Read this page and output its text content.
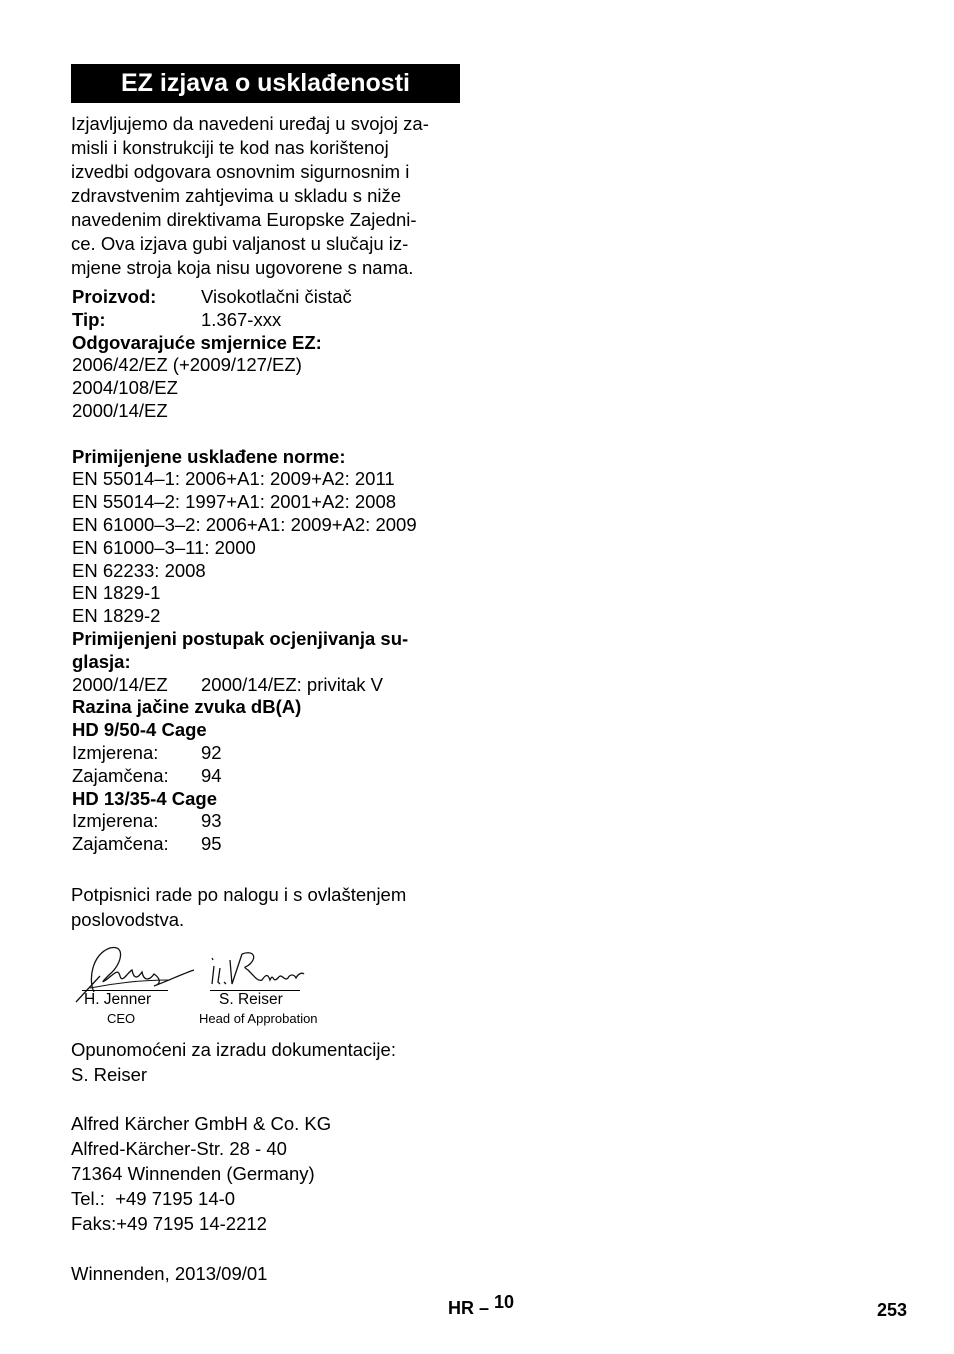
EZ izjava o usklađenosti
Izjavljujemo da navedeni uređaj u svojoj za-
misli i konstrukciji te kod nas korištenoj
izvedbi odgovara osnovnim sigurnosnim i
zdravstvenim zahtjevima u skladu s niže
navedenim direktivama Europske Zajedni-
ce. Ova izjava gubi valjanost u slučaju iz-
mjene stroja koja nisu ugovorene s nama.
Proizvod: Visokotlačni čistač
Tip:	1.367-xxx
Odgovarajuće smjernice EZ:
2006/42/EZ (+2009/127/EZ)
2004/108/EZ
2000/14/EZ
Primijenjene usklađene norme:
EN 55014–1: 2006+A1: 2009+A2: 2011
EN 55014–2: 1997+A1: 2001+A2: 2008
EN 61000–3–2: 2006+A1: 2009+A2: 2009
EN 61000–3–11: 2000
EN 62233: 2008
EN 1829-1
EN 1829-2
Primijenjeni postupak ocjenjivanja su-
glasja:
2000/14/EZ 2000/14/EZ: privitak V
Razina jačine zvuka dB(A)
HD 9/50-4 Cage
Izmjerena: 92
Zajamčena: 94
HD 13/35-4 Cage
Izmjerena: 93
Zajamčena: 95
Potpisnici rade po nalogu i s ovlaštenjem
poslovodstva.
H. Jenner
CEO
S. Reiser
Head of Approbation
Opunomoćeni za izradu dokumentacije:
S. Reiser
Alfred Kärcher GmbH & Co. KG
Alfred-Kärcher-Str. 28 - 40
71364 Winnenden (Germany)
Tel.:  +49 7195 14-0
Faks:+49 7195 14-2212
Winnenden, 2013/09/01
HR – 10	253
